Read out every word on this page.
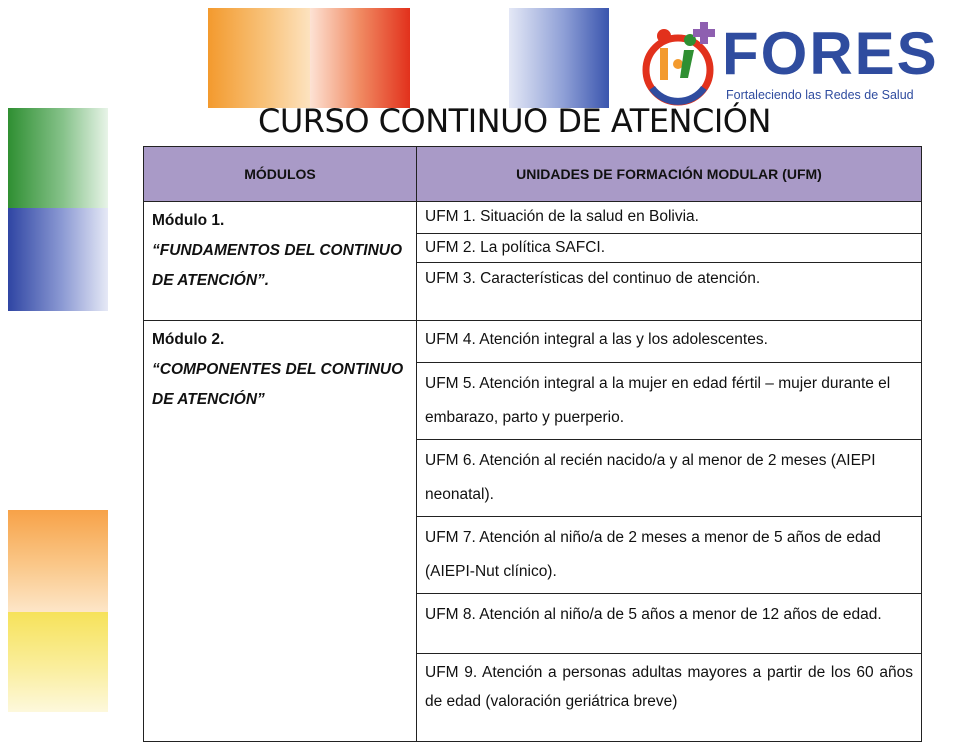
FORES
Fortaleciendo las Redes de Salud
CURSO CONTINUO DE ATENCIÓN
MÓDULOS	UNIDADES DE FORMACIÓN MODULAR (UFM)

Módulo 1.
“FUNDAMENTOS DEL CONTINUO DE ATENCIÓN”.	UFM 1. Situación de la salud en Bolivia.
	UFM 2. La política SAFCI.
	UFM 3. Características del continuo de atención.

Módulo 2.
“COMPONENTES DEL CONTINUO DE ATENCIÓN”	UFM 4. Atención integral a las y los adolescentes.
	UFM 5. Atención integral a la mujer en edad fértil – mujer durante el embarazo, parto y puerperio.
	UFM 6. Atención al recién nacido/a y al menor de 2 meses (AIEPI neonatal).
	UFM 7. Atención al niño/a de 2 meses a menor de 5 años de edad (AIEPI-Nut clínico).
	UFM 8. Atención al niño/a de 5 años a menor de 12 años de edad.
	UFM 9. Atención a personas adultas mayores a partir de los 60 años de edad (valoración geriátrica breve)
